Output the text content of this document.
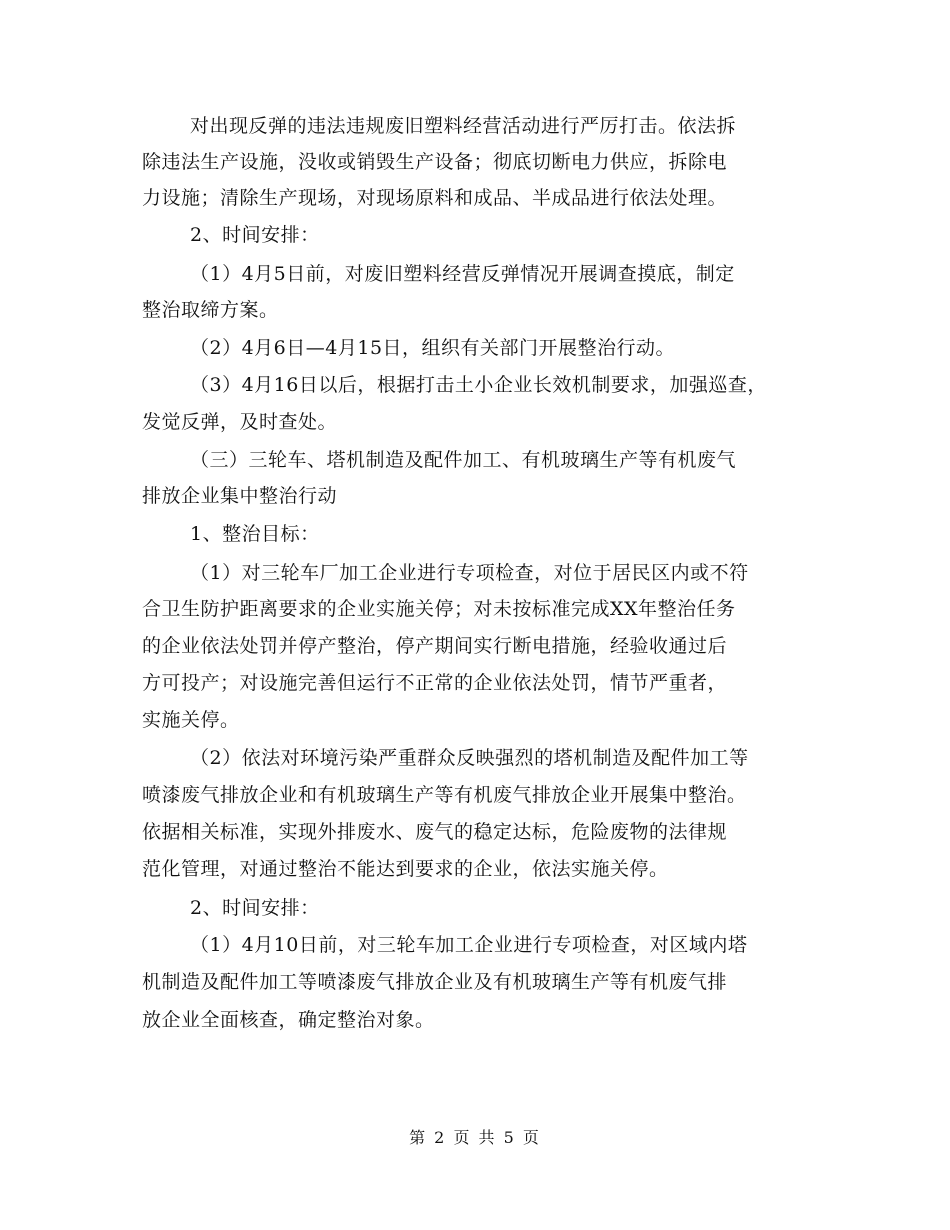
对出现反弹的违法违规废旧塑料经营活动进行严厉打击。依法拆
除违法生产设施，没收或销毁生产设备；彻底切断电力供应，拆除电
力设施；清除生产现场，对现场原料和成品、半成品进行依法处理。
2、时间安排：
（1）4月5日前，对废旧塑料经营反弹情况开展调查摸底，制定
整治取缔方案。
（2）4月6日—4月15日，组织有关部门开展整治行动。
（3）4月16日以后，根据打击土小企业长效机制要求，加强巡查，
发觉反弹，及时查处。
（三）三轮车、塔机制造及配件加工、有机玻璃生产等有机废气
排放企业集中整治行动
1、整治目标：
（1）对三轮车厂加工企业进行专项检查，对位于居民区内或不符
合卫生防护距离要求的企业实施关停；对未按标准完成XX年整治任务
的企业依法处罚并停产整治，停产期间实行断电措施，经验收通过后
方可投产；对设施完善但运行不正常的企业依法处罚，情节严重者，
实施关停。
（2）依法对环境污染严重群众反映强烈的塔机制造及配件加工等
喷漆废气排放企业和有机玻璃生产等有机废气排放企业开展集中整治。
依据相关标准，实现外排废水、废气的稳定达标，危险废物的法律规
范化管理，对通过整治不能达到要求的企业，依法实施关停。
2、时间安排：
（1）4月10日前，对三轮车加工企业进行专项检查，对区域内塔
机制造及配件加工等喷漆废气排放企业及有机玻璃生产等有机废气排
放企业全面核查，确定整治对象。
第 2 页 共 5 页
